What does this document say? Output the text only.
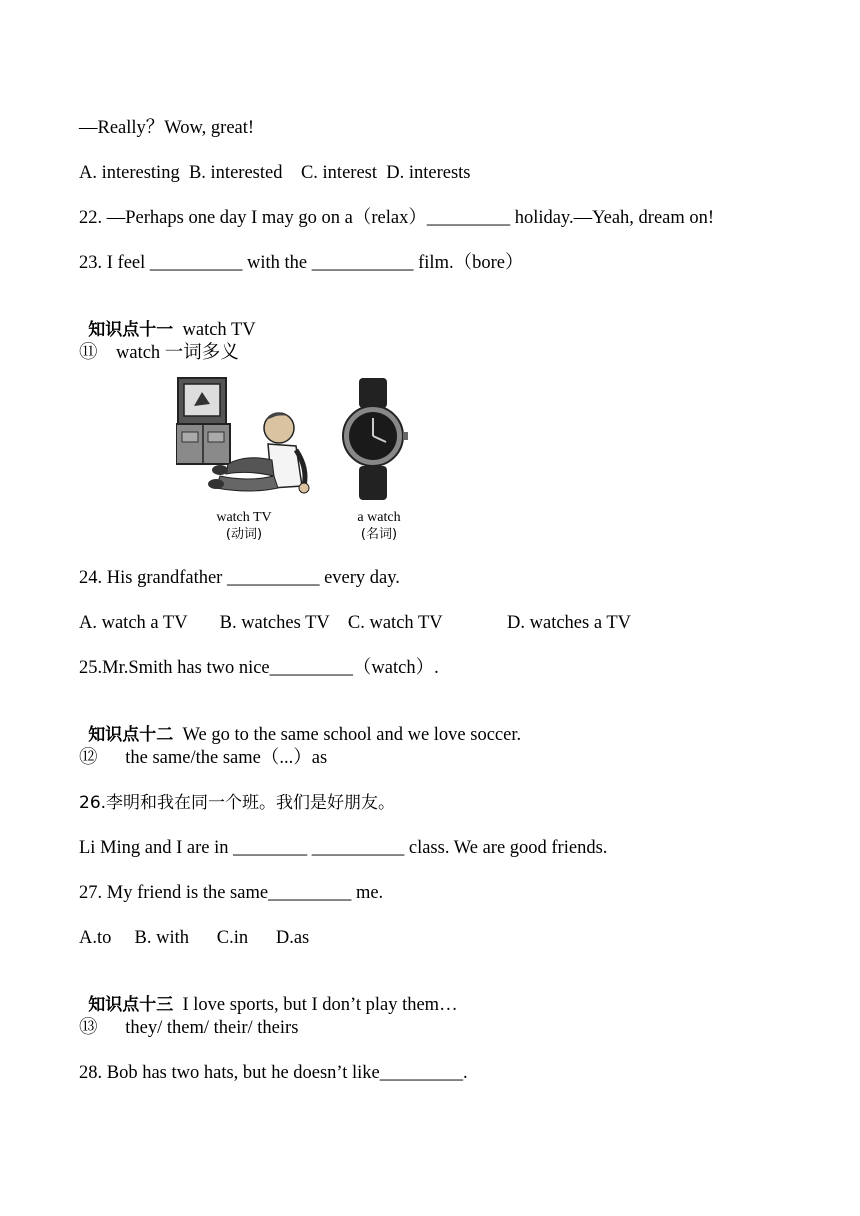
—Really？Wow, great!
A. interesting  B. interested    C. interest  D. interests
22. —Perhaps one day I may go on a（relax）_________ holiday.—Yeah, dream on!
23. I feel __________ with the ___________ film.（bore）

知识点十一  watch TV

⑪    watch 一词多义
watch TV
(动词)
a watch
(名词)
24. His grandfather __________ every day.
A. watch a TV       B. watches TV    C. watch TV              D. watches a TV
25.Mr.Smith has two nice_________（watch）.

知识点十二  We go to the same school and we love soccer.

⑫      the same/the same（...）as
26.李明和我在同一个班。我们是好朋友。
Li Ming and I are in ________ __________ class. We are good friends.
27. My friend is the same_________ me.
A.to     B. with      C.in      D.as

知识点十三  I love sports, but I don’t play them…

⑬      they/ them/ their/ theirs
28. Bob has two hats, but he doesn’t like_________.
